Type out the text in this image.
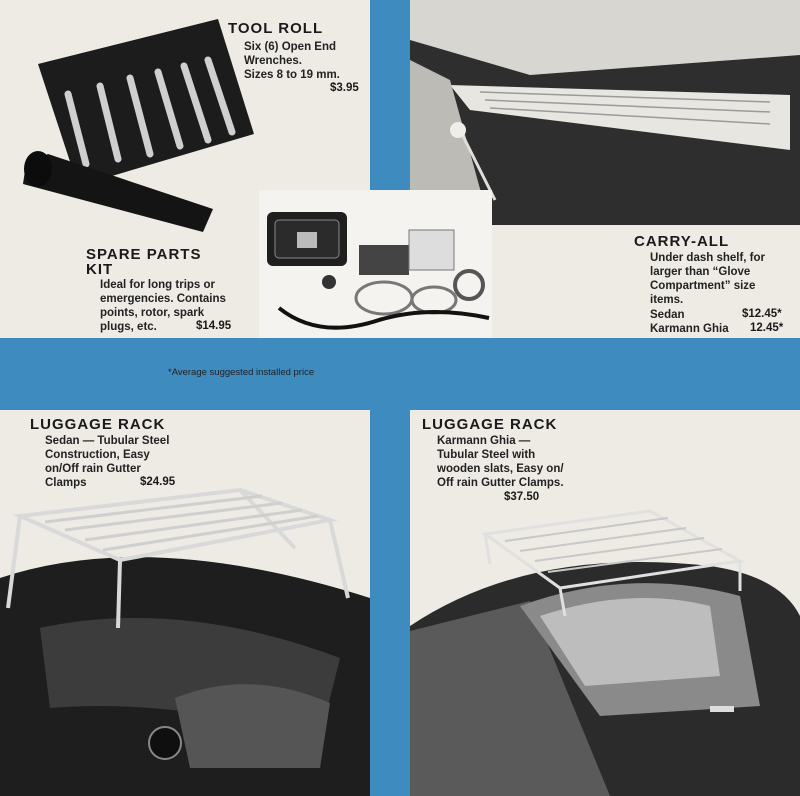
TOOL ROLL
Six (6) Open End
Wrenches.
Sizes 8 to 19 mm.
$3.95
SPARE PARTS
KIT
Ideal for long trips or
emergencies. Contains
points, rotor, spark
plugs, etc.	$14.95
CARRY-ALL
Under dash shelf, for
larger than “Glove
Compartment” size
items.
Sedan	$12.45*
Karmann Ghia 12.45*
*Average suggested installed price
LUGGAGE RACK
Sedan — Tubular Steel
Construction, Easy
on/Off rain Gutter
Clamps	$24.95
LUGGAGE RACK
Karmann Ghia —
Tubular Steel with
wooden slats, Easy on/
Off rain Gutter Clamps.
$37.50
